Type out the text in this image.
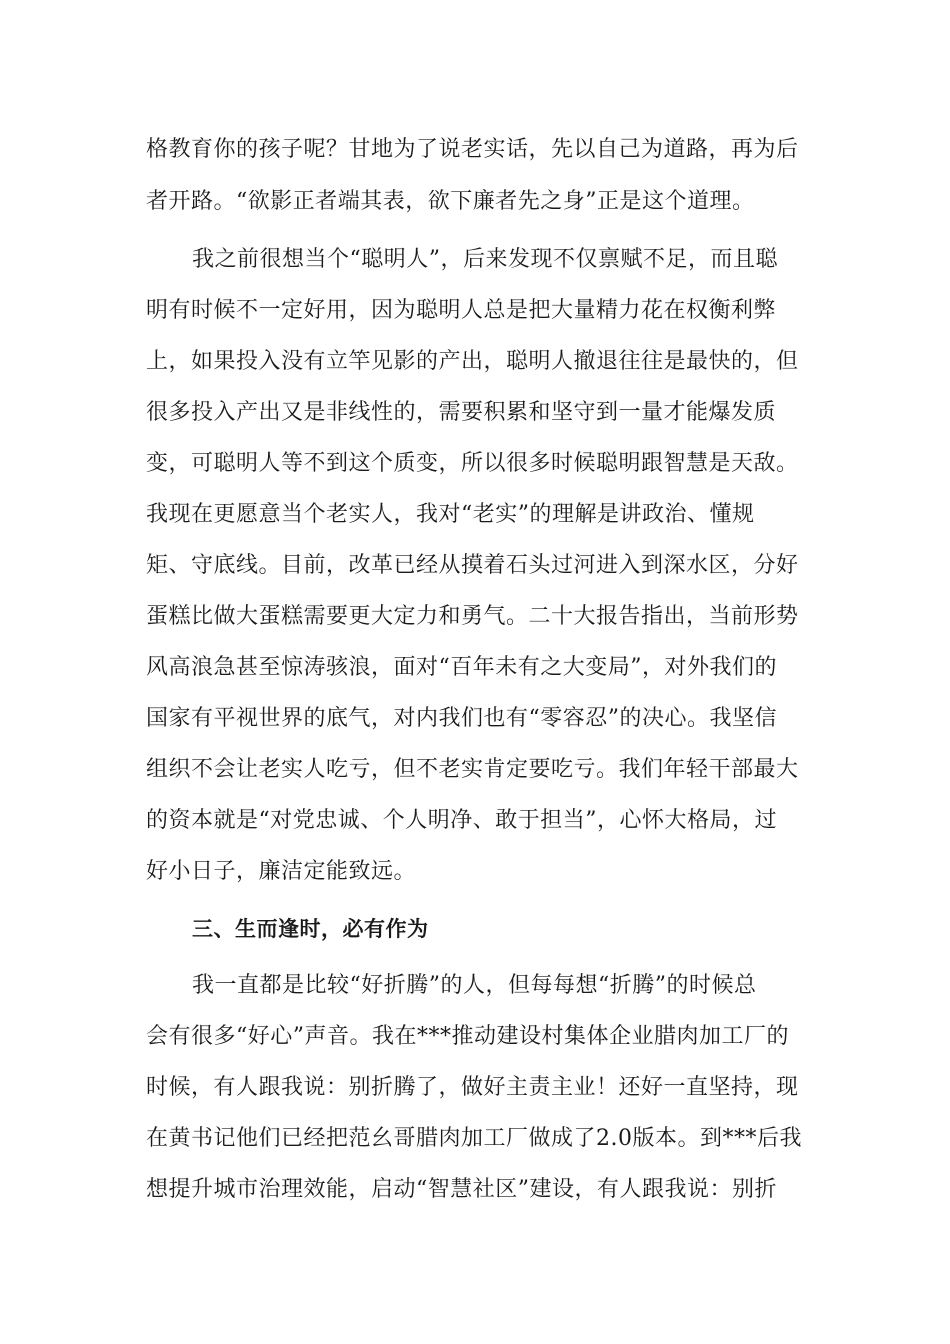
格教育你的孩子呢？甘地为了说老实话，先以自己为道路，再为后
者开路。“欲影正者端其表，欲下廉者先之身”正是这个道理。
我之前很想当个“聪明人”，后来发现不仅禀赋不足，而且聪
明有时候不一定好用，因为聪明人总是把大量精力花在权衡利弊
上，如果投入没有立竿见影的产出，聪明人撤退往往是最快的，但
很多投入产出又是非线性的，需要积累和坚守到一量才能爆发质
变，可聪明人等不到这个质变，所以很多时候聪明跟智慧是天敌。
我现在更愿意当个老实人，我对“老实”的理解是讲政治、懂规
矩、守底线。目前，改革已经从摸着石头过河进入到深水区，分好
蛋糕比做大蛋糕需要更大定力和勇气。二十大报告指出，当前形势
风高浪急甚至惊涛骇浪，面对“百年未有之大变局”，对外我们的
国家有平视世界的底气，对内我们也有“零容忍”的决心。我坚信
组织不会让老实人吃亏，但不老实肯定要吃亏。我们年轻干部最大
的资本就是“对党忠诚、个人明净、敢于担当”，心怀大格局，过
好小日子，廉洁定能致远。
三、生而逢时，必有作为
我一直都是比较“好折腾”的人，但每每想“折腾”的时候总
会有很多“好心”声音。我在***推动建设村集体企业腊肉加工厂的
时候，有人跟我说：别折腾了，做好主责主业！还好一直坚持，现
在黄书记他们已经把范幺哥腊肉加工厂做成了2.0版本。到***后我
想提升城市治理效能，启动“智慧社区”建设，有人跟我说：别折
